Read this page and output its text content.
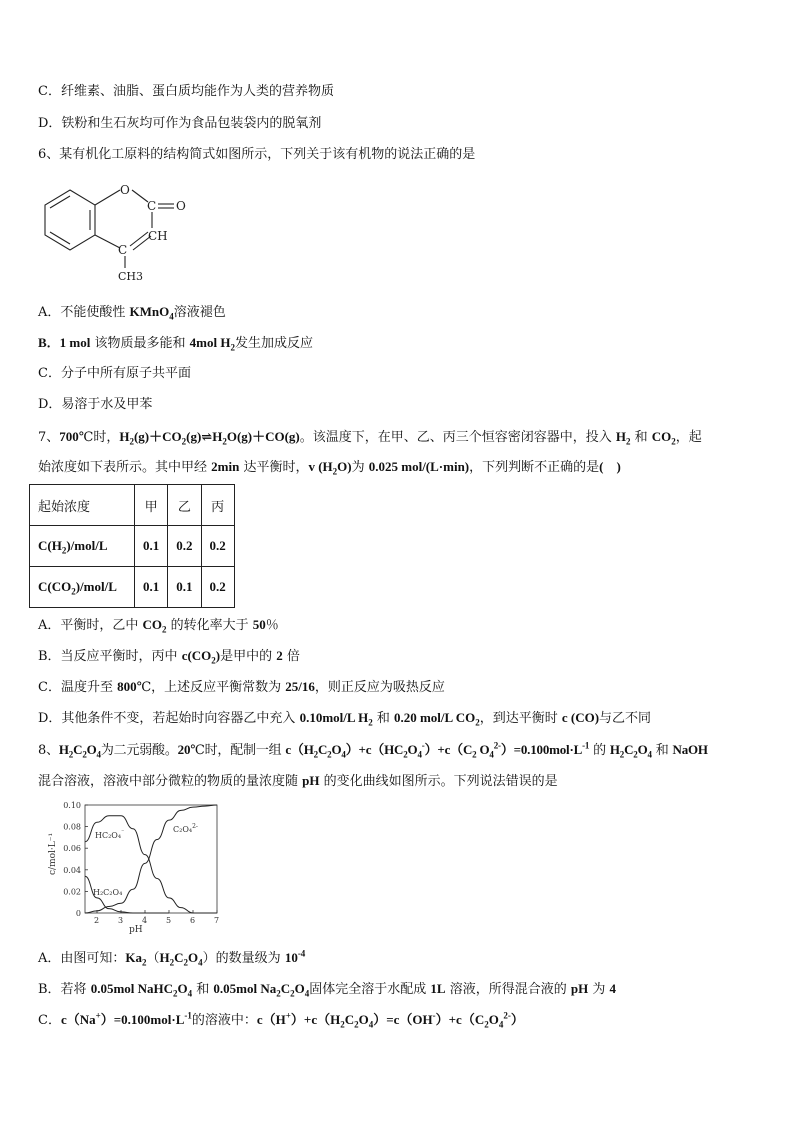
C．纤维素、油脂、蛋白质均能作为人类的营养物质
D．铁粉和生石灰均可作为食品包装袋内的脱氧剂
6、某有机化工原料的结构简式如图所示，下列关于该有机物的说法正确的是
O
C O
C
CH
CH3
A．不能使酸性 KMnO$_4$溶液褪色
B．1 mol 该物质最多能和 4mol $H_2$发生加成反应
C．分子中所有原子共平面
D．易溶于水及甲苯
7、700℃时，$H_2(g)+CO_2(g)\rightleftharpoons H_2O(g)+CO(g)$。该温度下，在甲、乙、丙三个恒容密闭容器中，投入 $H_2$ 和 $CO_2$，起
始浓度如下表所示。其中甲经 2min 达平衡时，v $(H_2O)$为 0.025 mol/(L·min)，下列判断不正确的是(　)
起始浓度	甲	乙	丙
$C(H_2)/mol/L$	0.1	0.2	0.2
$C(CO_2)/mol/L$	0.1	0.1	0.2
A．平衡时，乙中 $CO_2$ 的转化率大于 50％
B．当反应平衡时，丙中 $c(CO_2)$是甲中的 2 倍
C．温度升至 800℃，上述反应平衡常数为 25/16，则正反应为吸热反应
D．其他条件不变，若起始时向容器乙中充入 0.10mol/L $H_2$ 和 0.20 mol/L $CO_2$，到达平衡时 c (CO)与乙不同
8、$H_2C_2O_4$为二元弱酸。20℃时，配制一组 $c(H_2C_2O_4)+c(HC_2O_4^-)+c(C_2$ $O_4^{2-})=0.100mol\cdot L^{-1}$ 的 $H_2C_2O_4$ 和 NaOH
混合溶液，溶液中部分微粒的物质的量浓度随 pH 的变化曲线如图所示。下列说法错误的是
2 3 4 5 6 7
0
0.02
0.04
0.06
0.08
0.10
pH
c/mol·L⁻¹
H₂C₂O₄
HC₂O₄⁻	C₂O₄$^{2-}$
A．由图可知：$Ka_2(H_2C_2O_4)$的数量级为 $10^{-4}$
B．若将 0.05mol $NaHC_2O_4$ 和 0.05mol $Na_2C_2O_4$固体完全溶于水配成 1L 溶液，所得混合液的 pH 为 4
C．$c(Na^+)=0.100mol\cdot L^{-1}$的溶液中：$c(H^+)+c(H_2C_2O_4)=c(OH^-)+c(C_2O_4^{2-})$
